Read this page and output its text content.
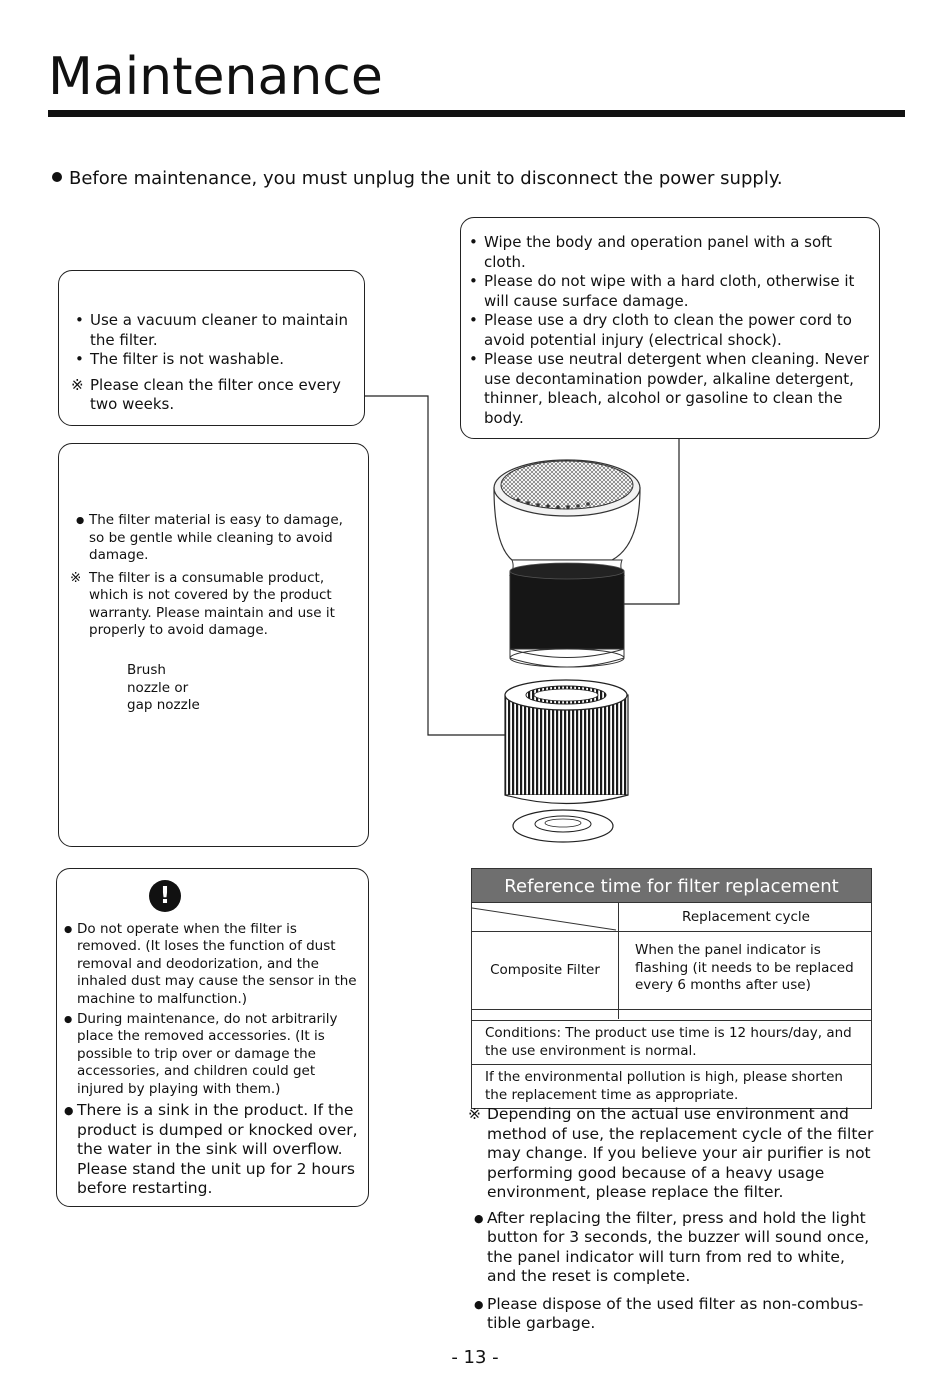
Maintenance
Before maintenance, you must unplug the unit to disconnect the power supply.
• Use a vacuum cleaner to maintain the filter.
• The filter is not washable.
※ Please clean the filter once every two weeks.
• Wipe the body and operation panel with a soft cloth.
• Please do not wipe with a hard cloth, otherwise it will cause surface damage.
• Please use a dry cloth to clean the power cord to avoid potential injury (electrical shock).
• Please use neutral detergent when cleaning. Never use decontamination powder, alkaline detergent, thinner, bleach, alcohol or gasoline to clean the body.
● The filter material is easy to damage, so be gentle while cleaning to avoid damage.
※ The filter is a consumable product, which is not covered by the product warranty. Please maintain and use it properly to avoid damage.
Brush
nozzle or
gap nozzle
!
● Do not operate when the filter is removed. (It loses the function of dust removal and deodorization, and the inhaled dust may cause the sensor in the machine to malfunction.)
● During maintenance, do not arbitrarily place the removed accessories. (It is possible to trip over or damage the accessories, and children could get injured by playing with them.)
● There is a sink in the product. If the product is dumped or knocked over, the water in the sink will overflow. Please stand the unit up for 2 hours before restarting.
Reference time for filter replacement
Replacement cycle
Composite Filter
When the panel indicator is flashing (it needs to be replaced every 6 months after use)
Conditions: The product use time is 12 hours/day, and the use environment is normal.
If the environmental pollution is high, please shorten the replacement time as appropriate.
※ Depending on the actual use environment and method of use, the replacement cycle of the filter may change. If you believe your air purifier is not performing good because of a heavy usage environment, please replace the filter.
● After replacing the filter, press and hold the light button for 3 seconds, the buzzer will sound once, the panel indicator will turn from red to white, and the reset is complete.
● Please dispose of the used filter as non-combus-tible garbage.
- 13 -
